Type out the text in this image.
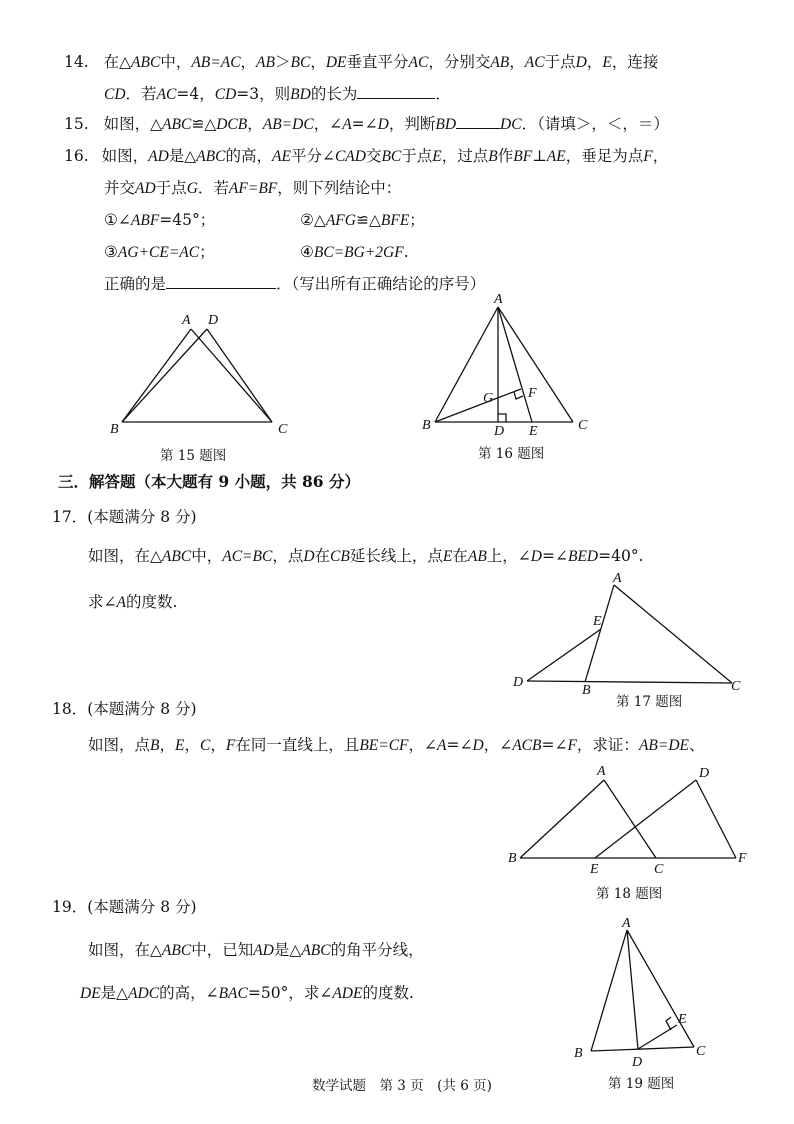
14. 在△ABC中，AB=AC，AB＞BC，DE垂直平分AC，分别交AB，AC于点D，E，连接
CD．若AC=4，CD=3，则BD的长为	．
15. 如图，△ABC≌△DCB，AB=DC，∠A=∠D，判断BD	DC．（请填＞，＜，＝）
16. 如图，AD是△ABC的高，AE平分∠CAD交BC于点E，过点B作BF⊥AE，垂足为点F，
并交AD于点G．若AF=BF，则下列结论中：
①∠ABF=45°；	②△AFG≌△BFE；
③AG+CE=AC；	④BC=BG+2GF.
正确的是	．（写出所有正确结论的序号）
A D
B	C
第 15 题图
A
B	C
D E
F
G
第 16 题图
三．解答题（本大题有 9 小题，共 86 分）
17．(本题满分 8 分)
如图，在△ABC中，AC=BC，点D在CB延长线上，点E在AB上，∠D=∠BED=40°.
求∠A的度数.
A
E
D
B	C
第 17 题图
18．(本题满分 8 分)
如图，点B，E，C，F在同一直线上，且BE=CF，∠A=∠D，∠ACB=∠F，求证：AB=DE、
A	D
B
E	C
F
第 18 题图
19．(本题满分 8 分)
如图，在△ABC中，已知AD是△ABC的角平分线，
DE是△ADC的高，∠BAC=50°，求∠ADE的度数.
A
E
B
D
C
第 19 题图
数学试题　第 3 页　(共 6 页)
